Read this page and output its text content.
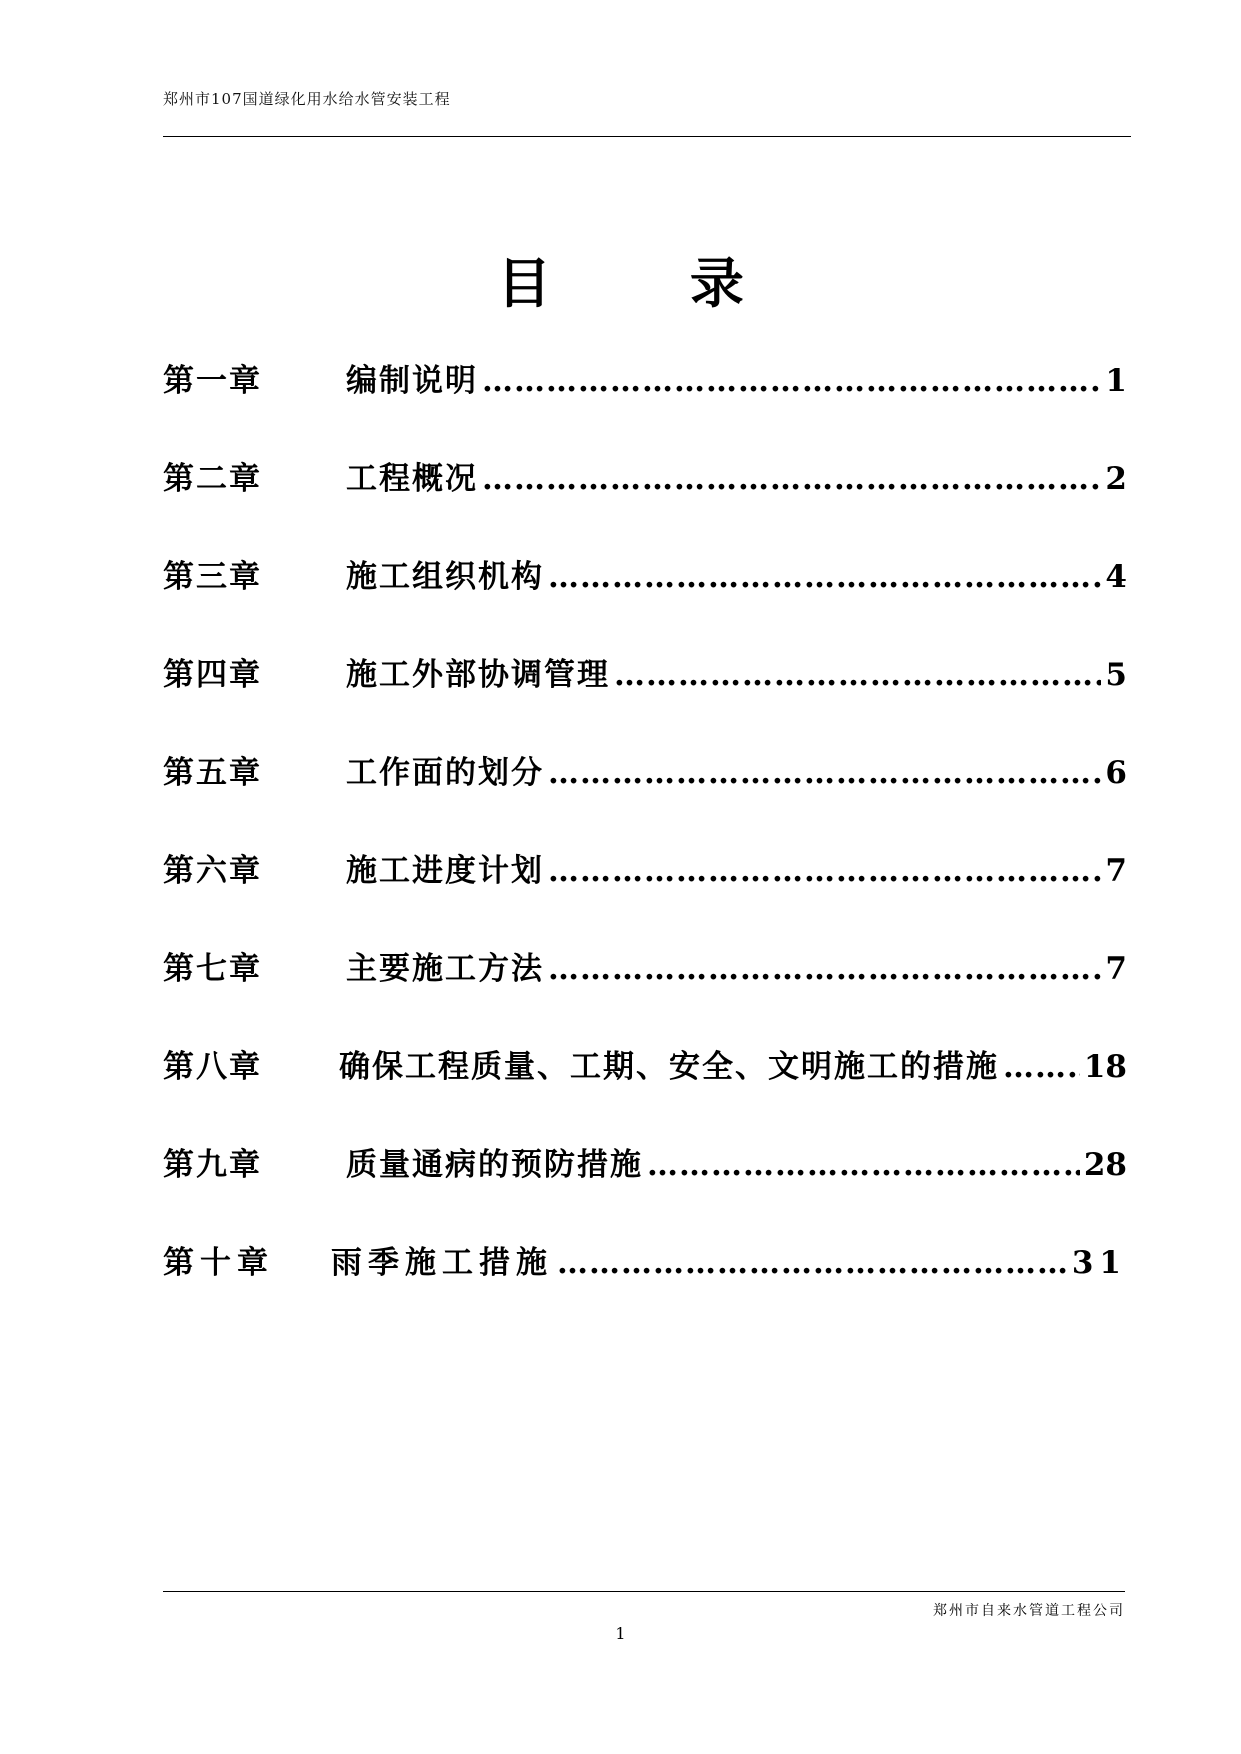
郑州市107国道绿化用水给水管安装工程
目 录
第一章	编制说明 …………………………………………………………………………………………………………………………	1
第二章	工程概况 …………………………………………………………………………………………………………………………	2
第三章	施工组织机构 …………………………………………………………………………………………………………………………	4
第四章	施工外部协调管理 …………………………………………………………………………………………………………………………	5
第五章	工作面的划分 …………………………………………………………………………………………………………………………	6
第六章	施工进度计划 …………………………………………………………………………………………………………………………	7
第七章	主要施工方法 …………………………………………………………………………………………………………………………	7
第八章	确保工程质量、工期、安全、文明施工的措施 …………………………………………………………………………………………………………………………	18
第九章	质量通病的预防措施 …………………………………………………………………………………………………………………………	28
第十章	雨季施工措施 …………………………………………………………………………………………………………………………	31
郑州市自来水管道工程公司
1
